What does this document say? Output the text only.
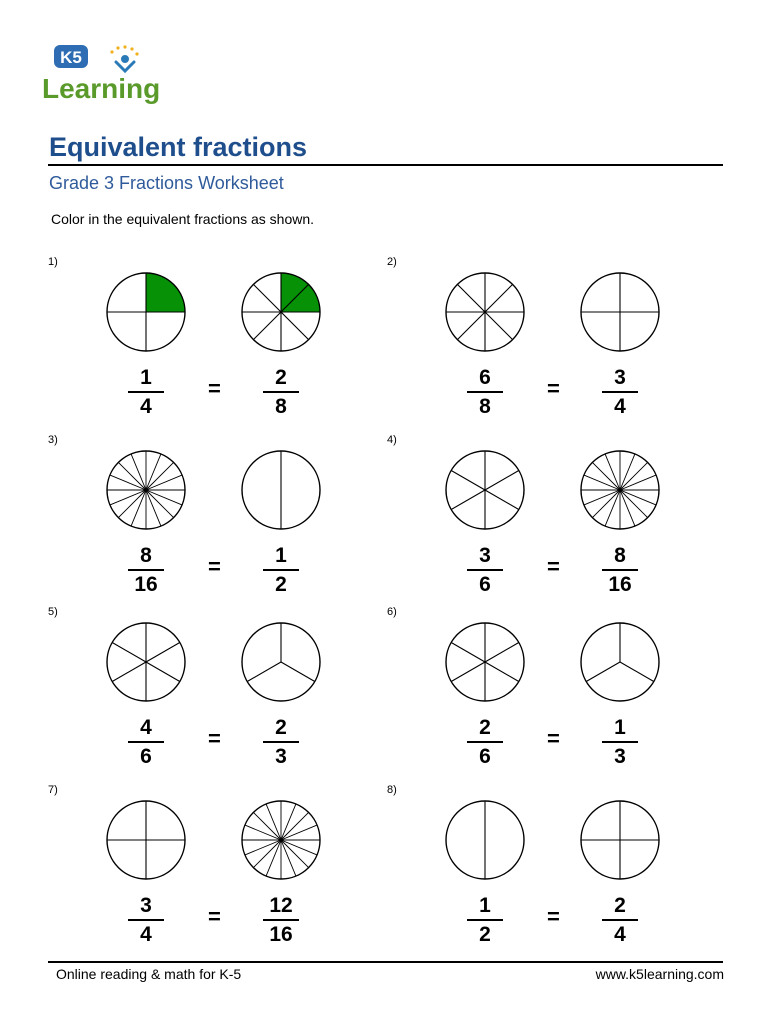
K5
Learning
Equivalent fractions
Grade 3 Fractions Worksheet
Color in the equivalent fractions as shown.
1)
1
4
2
8
=
2)
6
8
3
4
=
3)
8
16
1
2
=
4)
3
6
8
16
=
5)
4
6
2
3
=
6)
2
6
1
3
=
7)
3
4
12
16
=
8)
1
2
2
4
=
Online reading & math for K-5	www.k5learning.com
